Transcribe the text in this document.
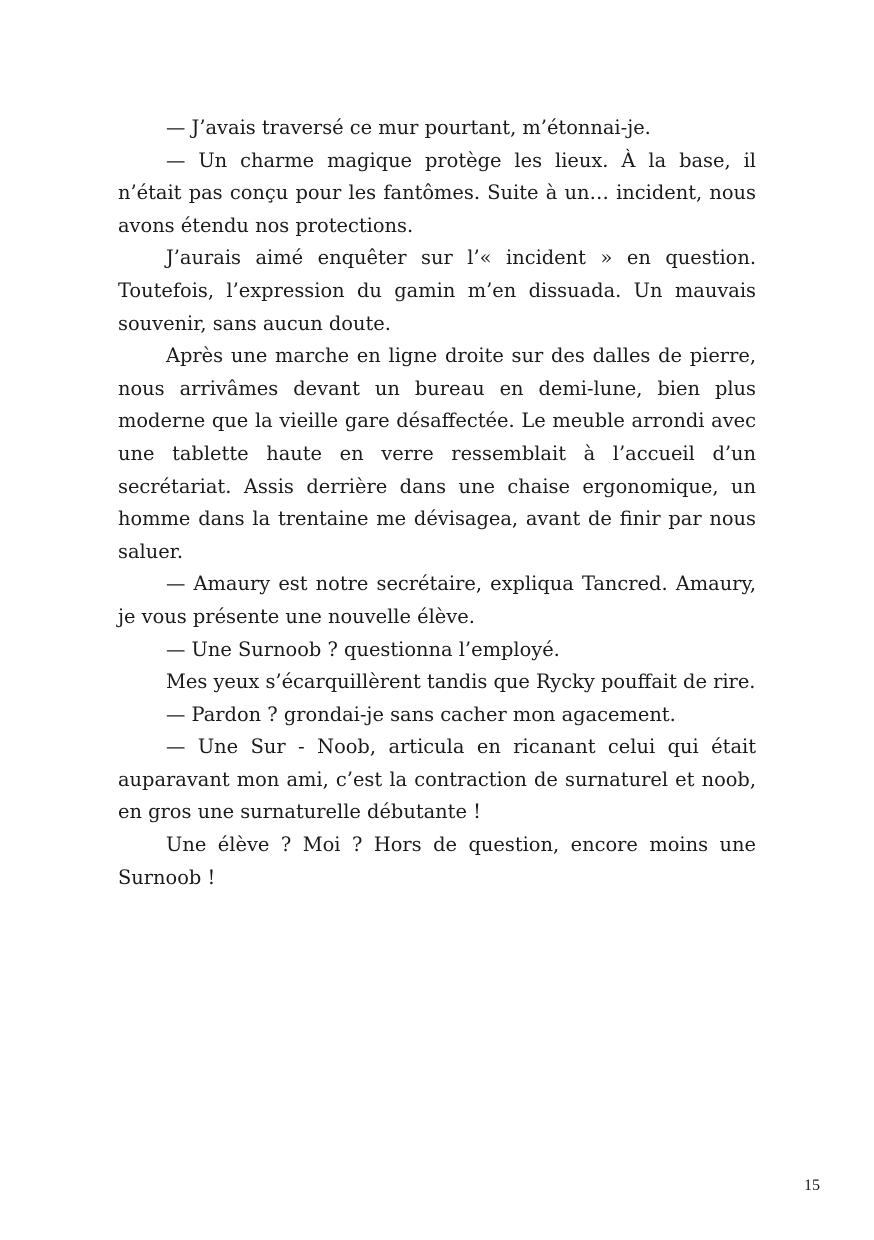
— J’avais traversé ce mur pourtant, m’étonnai-je.

— Un charme magique protège les lieux. À la base, il n’était pas conçu pour les fantômes. Suite à un… incident, nous avons étendu nos protections.

J’aurais aimé enquêter sur l’« incident » en question. Toutefois, l’expression du gamin m’en dissuada. Un mauvais souvenir, sans aucun doute.

Après une marche en ligne droite sur des dalles de pierre, nous arrivâmes devant un bureau en demi-lune, bien plus moderne que la vieille gare désaffectée. Le meuble arrondi avec une tablette haute en verre ressemblait à l’accueil d’un secrétariat. Assis derrière dans une chaise ergonomique, un homme dans la trentaine me dévisagea, avant de finir par nous saluer.

— Amaury est notre secrétaire, expliqua Tancred. Amaury, je vous présente une nouvelle élève.

— Une Surnoob ? questionna l’employé.

Mes yeux s’écarquillèrent tandis que Rycky pouffait de rire.

— Pardon ? grondai-je sans cacher mon agacement.

— Une Sur - Noob, articula en ricanant celui qui était auparavant mon ami, c’est la contraction de surnaturel et noob, en gros une surnaturelle débutante !

Une élève ? Moi ? Hors de question, encore moins une Surnoob !

15
